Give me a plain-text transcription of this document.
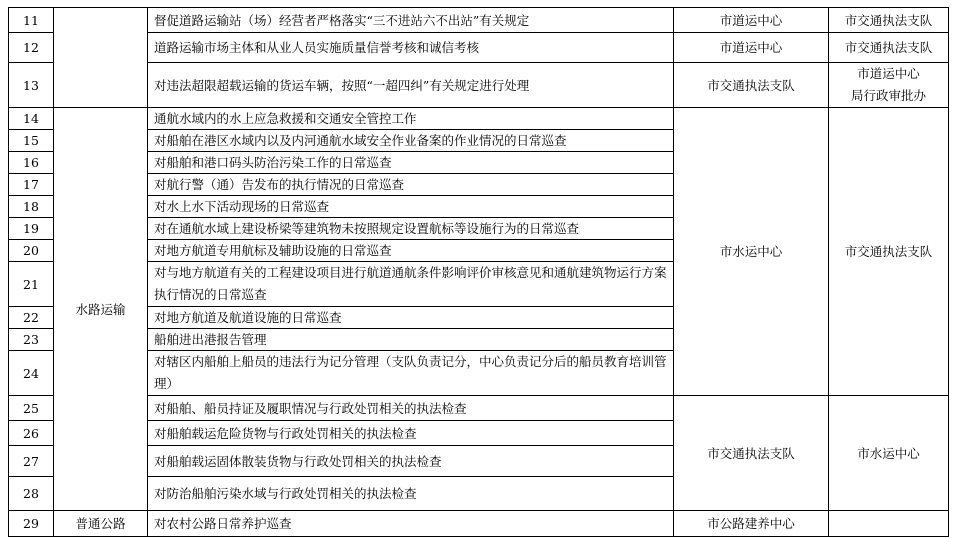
11		督促道路运输站（场）经营者严格落实“三不进站六不出站”有关规定	市道运中心	市交通执法支队
12		道路运输市场主体和从业人员实施质量信誉考核和诚信考核	市道运中心	市交通执法支队
13		对违法超限超载运输的货运车辆，按照“一超四纠”有关规定进行处理	市交通执法支队	市道运中心
局行政审批办

14	水路运输	通航水域内的水上应急救援和交通安全管控工作	市水运中心	市交通执法支队
15		对船舶在港区水域内以及内河通航水域安全作业备案的作业情况的日常巡查		
16		对船舶和港口码头防治污染工作的日常巡查		
17		对航行警（通）告发布的执行情况的日常巡查		
18		对水上水下活动现场的日常巡查		
19		对在通航水域上建设桥梁等建筑物未按照规定设置航标等设施行为的日常巡查		
20		对地方航道专用航标及辅助设施的日常巡查		
21		对与地方航道有关的工程建设项目进行航道通航条件影响评价审核意见和通航建筑物运行方案执行情况的日常巡查		
22		对地方航道及航道设施的日常巡查		
23		船舶进出港报告管理		
24		对辖区内船舶上船员的违法行为记分管理（支队负责记分，中心负责记分后的船员教育培训管理）		
25		对船舶、船员持证及履职情况与行政处罚相关的执法检查	市交通执法支队	市水运中心
26		对船舶载运危险货物与行政处罚相关的执法检查		
27		对船舶载运固体散装货物与行政处罚相关的执法检查		
28		对防治船舶污染水域与行政处罚相关的执法检查		
29	普通公路	对农村公路日常养护巡查	市公路建养中心	
